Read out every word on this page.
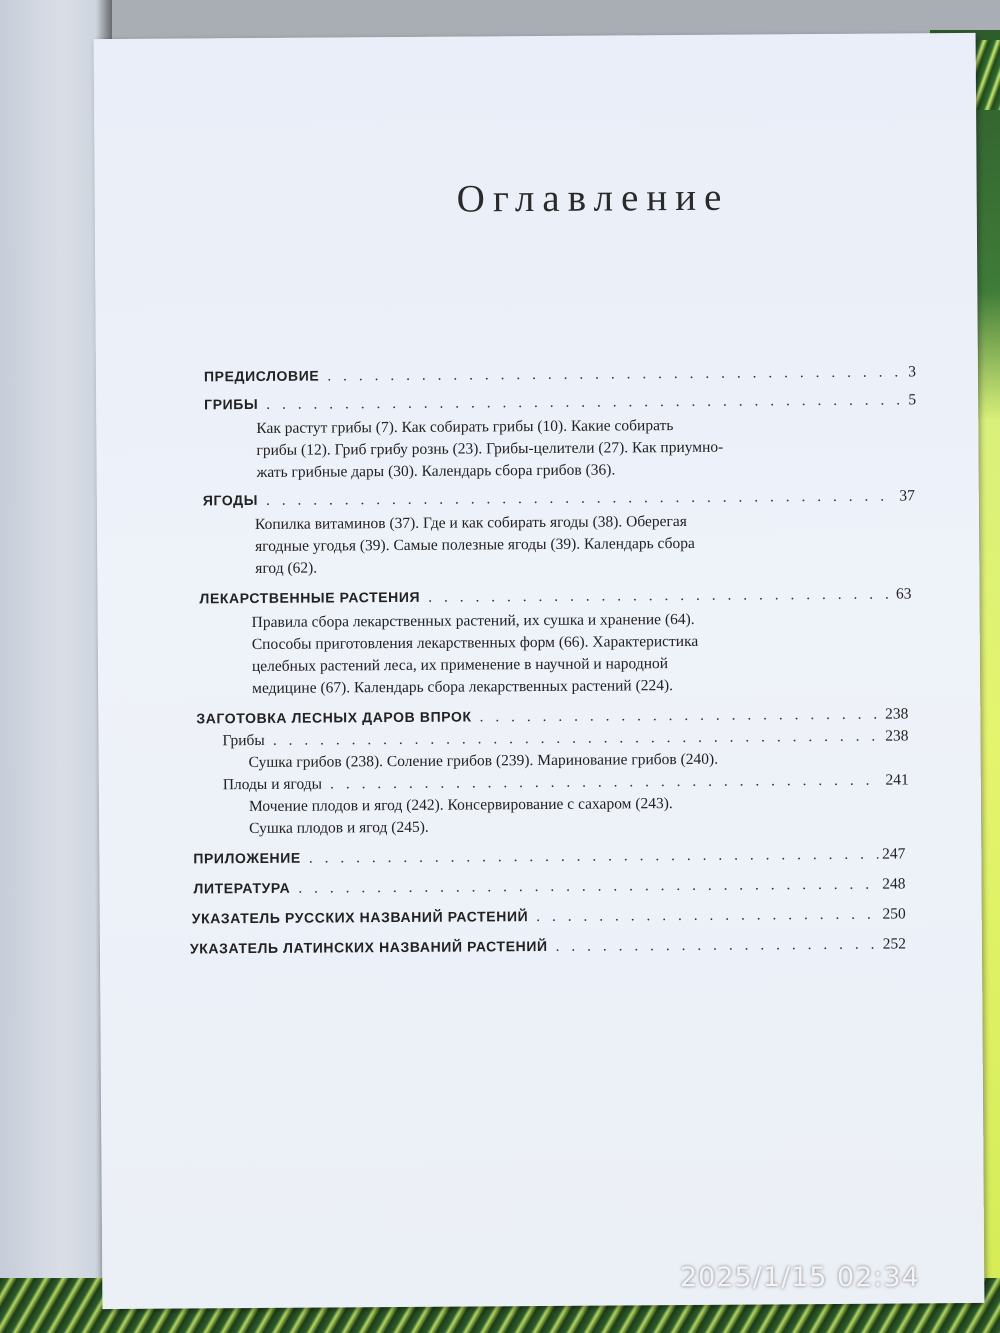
Оглавление
ПРЕДИСЛОВИЕ . . .	3
ГРИБЫ . . .	5
Как растут грибы (7). Как собирать грибы (10). Какие собирать
грибы (12). Гриб грибу рознь (23). Грибы-целители (27). Как приумно-
жать грибные дары (30). Календарь сбора грибов (36).
ЯГОДЫ . . .	37
Копилка витаминов (37). Где и как собирать ягоды (38). Оберегая
ягодные угодья (39). Самые полезные ягоды (39). Календарь сбора
ягод (62).
ЛЕКАРСТВЕННЫЕ РАСТЕНИЯ . . .	63
Правила сбора лекарственных растений, их сушка и хранение (64).
Способы приготовления лекарственных форм (66). Характеристика
целебных растений леса, их применение в научной и народной
медицине (67). Календарь сбора лекарственных растений (224).
ЗАГОТОВКА ЛЕСНЫХ ДАРОВ ВПРОК . . .	238
Грибы . . .	238
Сушка грибов (238). Соление грибов (239). Маринование грибов (240).
Плоды и ягоды . . .	241
Мочение плодов и ягод (242). Консервирование с сахаром (243).
Сушка плодов и ягод (245).
ПРИЛОЖЕНИЕ . . .	247
ЛИТЕРАТУРА . . .	248
УКАЗАТЕЛЬ РУССКИХ НАЗВАНИЙ РАСТЕНИЙ . . .	250
УКАЗАТЕЛЬ ЛАТИНСКИХ НАЗВАНИЙ РАСТЕНИЙ . . .	252
2025/1/15 02:34
